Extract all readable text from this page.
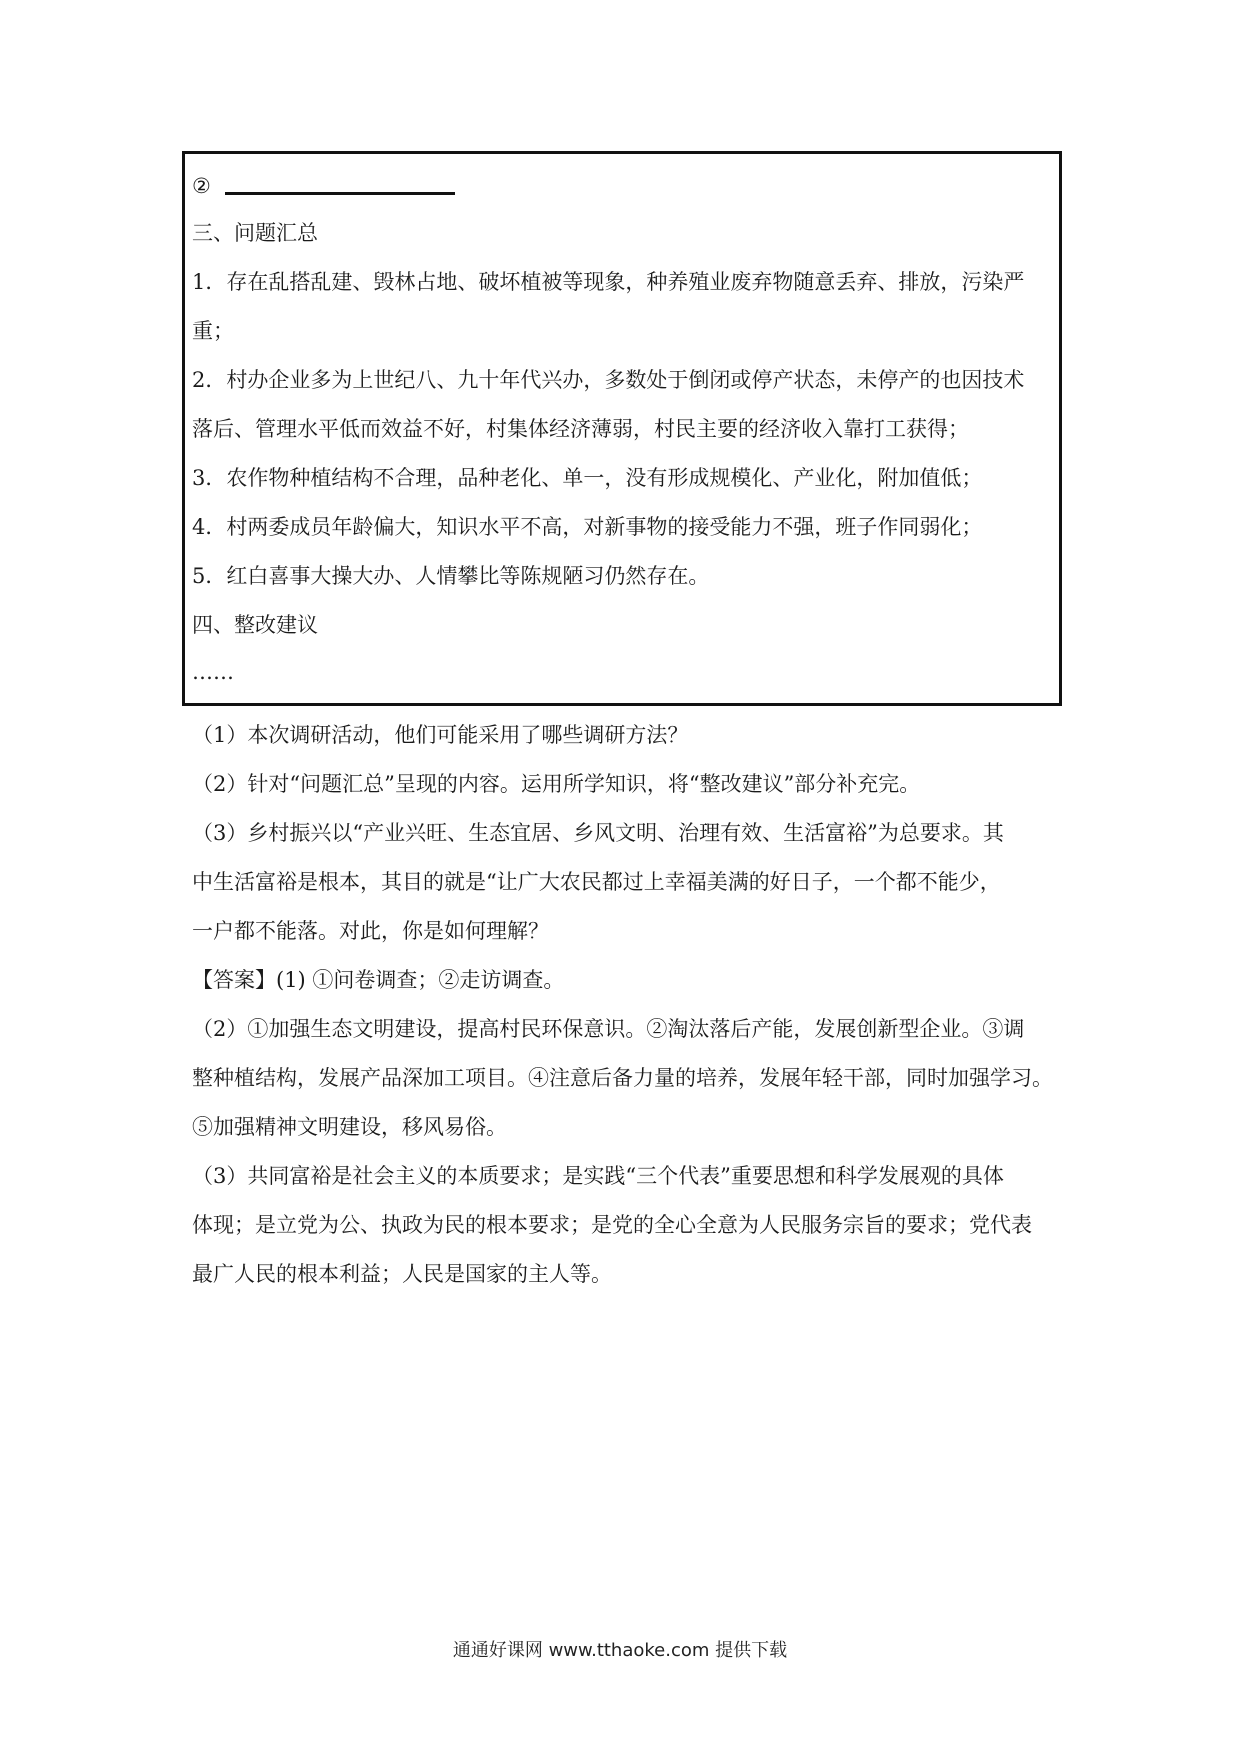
②
三、问题汇总
1．存在乱搭乱建、毁林占地、破坏植被等现象，种养殖业废弃物随意丢弃、排放，污染严
重；
2．村办企业多为上世纪八、九十年代兴办，多数处于倒闭或停产状态，未停产的也因技术
落后、管理水平低而效益不好，村集体经济薄弱，村民主要的经济收入靠打工获得；
3．农作物种植结构不合理，品种老化、单一，没有形成规模化、产业化，附加值低；
4．村两委成员年龄偏大，知识水平不高，对新事物的接受能力不强，班子作同弱化；
5．红白喜事大操大办、人情攀比等陈规陋习仍然存在。
四、整改建议
……
（1）本次调研活动，他们可能采用了哪些调研方法？
（2）针对“问题汇总”呈现的内容。运用所学知识，将“整改建议”部分补充完。
（3）乡村振兴以“产业兴旺、生态宜居、乡风文明、治理有效、生活富裕”为总要求。其
中生活富裕是根本，其目的就是“让广大农民都过上幸福美满的好日子，一个都不能少，
一户都不能落。对此，你是如何理解？
【答案】(1) ①问卷调查；②走访调查。
（2）①加强生态文明建设，提高村民环保意识。②淘汰落后产能，发展创新型企业。③调
整种植结构，发展产品深加工项目。④注意后备力量的培养，发展年轻干部，同时加强学习。
⑤加强精神文明建设，移风易俗。
（3）共同富裕是社会主义的本质要求；是实践“三个代表”重要思想和科学发展观的具体
体现；是立党为公、执政为民的根本要求；是党的全心全意为人民服务宗旨的要求；党代表
最广人民的根本利益；人民是国家的主人等。
通通好课网 www.tthaoke.com 提供下载
